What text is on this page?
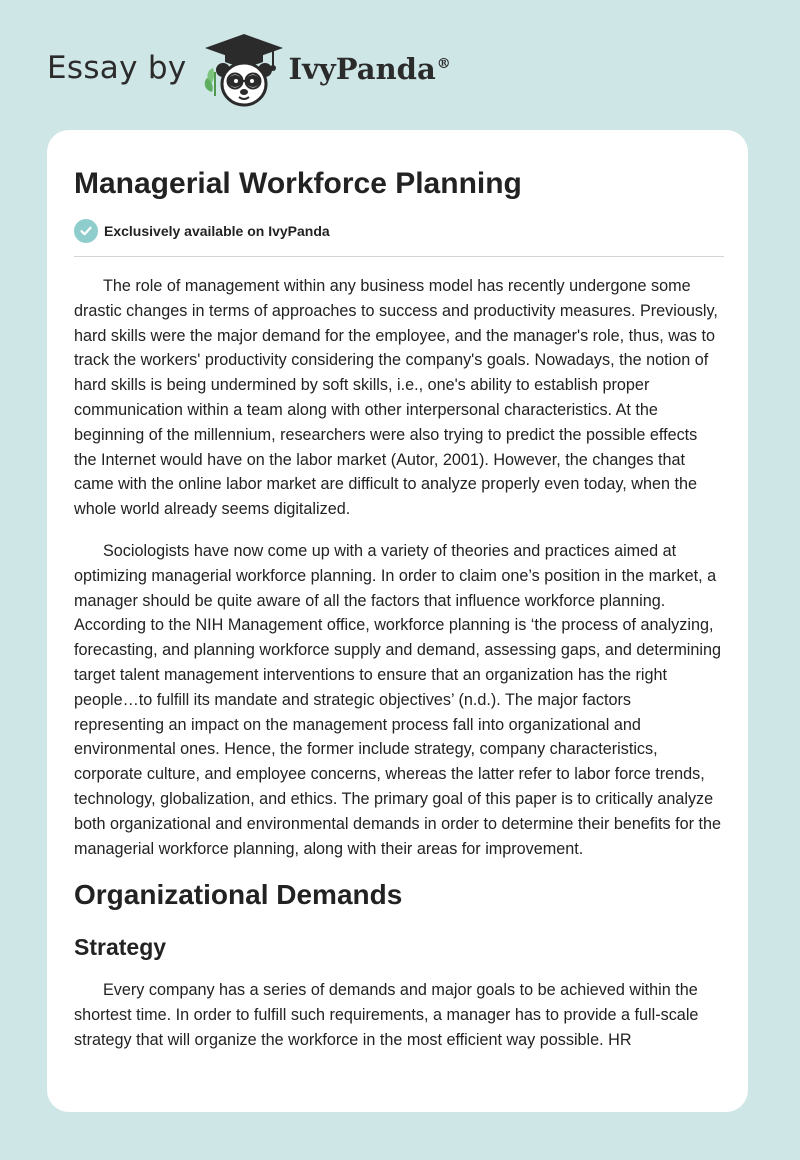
Essay by	IvyPanda®
Managerial Workforce Planning
Exclusively available on IvyPanda

The role of management within any business model has recently undergone some drastic changes in terms of approaches to success and productivity measures. Previously, hard skills were the major demand for the employee, and the manager's role, thus, was to track the workers' productivity considering the company's goals. Nowadays, the notion of hard skills is being undermined by soft skills, i.e., one's ability to establish proper communication within a team along with other interpersonal characteristics. At the beginning of the millennium, researchers were also trying to predict the possible effects the Internet would have on the labor market (Autor, 2001). However, the changes that came with the online labor market are difficult to analyze properly even today, when the whole world already seems digitalized.

Sociologists have now come up with a variety of theories and practices aimed at optimizing managerial workforce planning. In order to claim one’s position in the market, a manager should be quite aware of all the factors that influence workforce planning. According to the NIH Management office, workforce planning is ‘the process of analyzing, forecasting, and planning workforce supply and demand, assessing gaps, and determining target talent management interventions to ensure that an organization has the right people…to fulfill its mandate and strategic objectives’ (n.d.). The major factors representing an impact on the management process fall into organizational and environmental ones. Hence, the former include strategy, company characteristics, corporate culture, and employee concerns, whereas the latter refer to labor force trends, technology, globalization, and ethics. The primary goal of this paper is to critically analyze both organizational and environmental demands in order to determine their benefits for the managerial workforce planning, along with their areas for improvement.

Organizational Demands
Strategy

Every company has a series of demands and major goals to be achieved within the shortest time. In order to fulfill such requirements, a manager has to provide a full-scale strategy that will organize the workforce in the most efficient way possible. HR
